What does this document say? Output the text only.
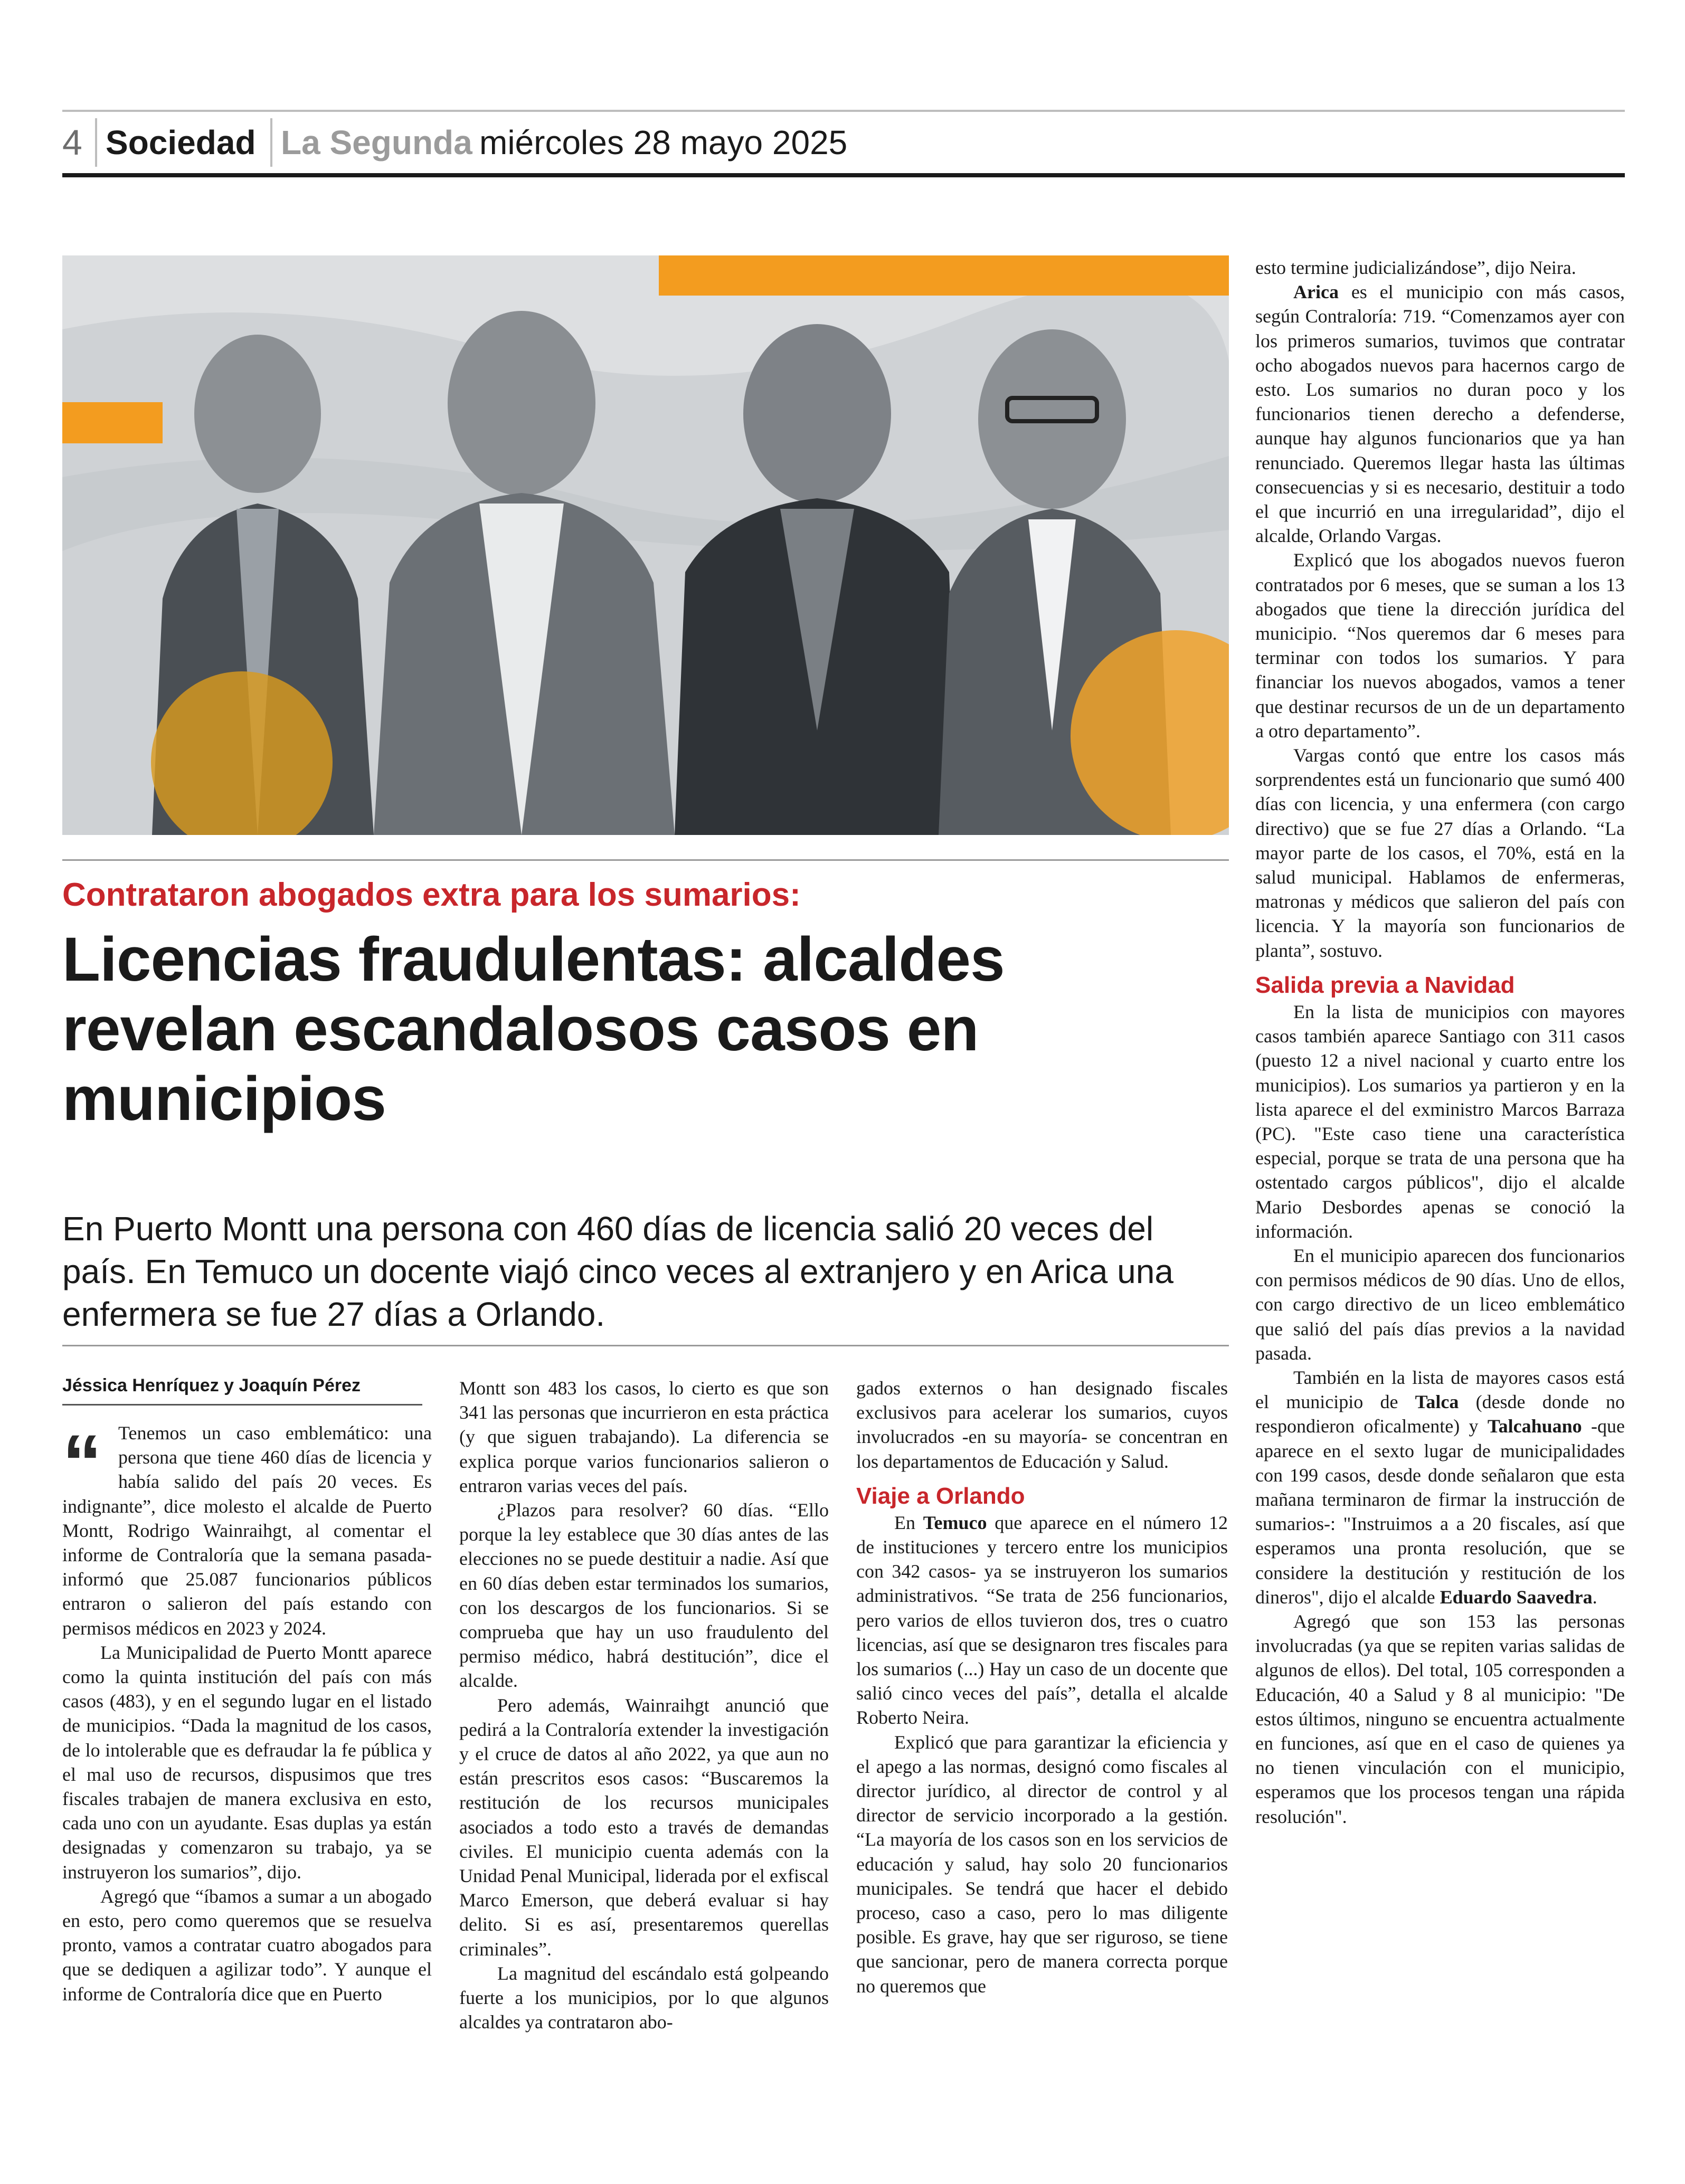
4 Sociedad La Segunda miércoles 28 mayo 2025
Contrataron abogados extra para los sumarios:
Licencias fraudulentas: alcaldes revelan escandalosos casos en municipios
En Puerto Montt una persona con 460 días de licencia salió 20 veces del país. En Temuco un docente viajó cinco veces al extranjero y en Arica una enfermera se fue 27 días a Orlando.
Jéssica Henríquez y Joaquín Pérez

“ Tenemos un caso emblemático: una persona que tiene 460 días de licencia y había salido del país 20 veces. Es indignante”, dice molesto el alcalde de Puerto Montt, Rodrigo Wainraihgt, al comentar el informe de Contraloría que la semana pasada- informó que 25.087 funcionarios públicos entraron o salieron del país estando con permisos médicos en 2023 y 2024.

La Municipalidad de Puerto Montt aparece como la quinta institución del país con más casos (483), y en el segundo lugar en el listado de municipios. “Dada la magnitud de los casos, de lo intolerable que es defraudar la fe pública y el mal uso de recursos, dispusimos que tres fiscales trabajen de manera exclusiva en esto, cada uno con un ayudante. Esas duplas ya están designadas y comenzaron su trabajo, ya se instruyeron los sumarios”, dijo.

Agregó que “íbamos a sumar a un abogado en esto, pero como queremos que se resuelva pronto, vamos a contratar cuatro abogados para que se dediquen a agilizar todo”. Y aunque el informe de Contraloría dice que en Puerto

Montt son 483 los casos, lo cierto es que son 341 las personas que incurrieron en esta práctica (y que siguen trabajando). La diferencia se explica porque varios funcionarios salieron o entraron varias veces del país.

¿Plazos para resolver? 60 días. “Ello porque la ley establece que 30 días antes de las elecciones no se puede destituir a nadie. Así que en 60 días deben estar terminados los sumarios, con los descargos de los funcionarios. Si se comprueba que hay un uso fraudulento del permiso médico, habrá destitución”, dice el alcalde.

Pero además, Wainraihgt anunció que pedirá a la Contraloría extender la investigación y el cruce de datos al año 2022, ya que aun no están prescritos esos casos: “Buscaremos la restitución de los recursos municipales asociados a todo esto a través de demandas civiles. El municipio cuenta además con la Unidad Penal Municipal, liderada por el exfiscal Marco Emerson, que deberá evaluar si hay delito. Si es así, presentaremos querellas criminales”.

La magnitud del escándalo está golpeando fuerte a los municipios, por lo que algunos alcaldes ya contrataron abo-

gados externos o han designado fiscales exclusivos para acelerar los sumarios, cuyos involucrados -en su mayoría- se concentran en los departamentos de Educación y Salud.

Viaje a Orlando

En Temuco que aparece en el número 12 de instituciones y tercero entre los municipios con 342 casos- ya se instruyeron los sumarios administrativos. “Se trata de 256 funcionarios, pero varios de ellos tuvieron dos, tres o cuatro licencias, así que se designaron tres fiscales para los sumarios (...) Hay un caso de un docente que salió cinco veces del país”, detalla el alcalde Roberto Neira.

Explicó que para garantizar la eficiencia y el apego a las normas, designó como fiscales al director jurídico, al director de control y al director de servicio incorporado a la gestión. “La mayoría de los casos son en los servicios de educación y salud, hay solo 20 funcionarios municipales. Se tendrá que hacer el debido proceso, caso a caso, pero lo mas diligente posible. Es grave, hay que ser riguroso, se tiene que sancionar, pero de manera correcta porque no queremos que

esto termine judicializándose”, dijo Neira.

Arica es el municipio con más casos, según Contraloría: 719. “Comenzamos ayer con los primeros sumarios, tuvimos que contratar ocho abogados nuevos para hacernos cargo de esto. Los sumarios no duran poco y los funcionarios tienen derecho a defenderse, aunque hay algunos funcionarios que ya han renunciado. Queremos llegar hasta las últimas consecuencias y si es necesario, destituir a todo el que incurrió en una irregularidad”, dijo el alcalde, Orlando Vargas.

Explicó que los abogados nuevos fueron contratados por 6 meses, que se suman a los 13 abogados que tiene la dirección jurídica del municipio. “Nos queremos dar 6 meses para terminar con todos los sumarios. Y para financiar los nuevos abogados, vamos a tener que destinar recursos de un de un departamento a otro departamento”.

Vargas contó que entre los casos más sorprendentes está un funcionario que sumó 400 días con licencia, y una enfermera (con cargo directivo) que se fue 27 días a Orlando. “La mayor parte de los casos, el 70%, está en la salud municipal. Hablamos de enfermeras, matronas y médicos que salieron del país con licencia. Y la mayoría son funcionarios de planta”, sostuvo.

Salida previa a Navidad

En la lista de municipios con mayores casos también aparece Santiago con 311 casos (puesto 12 a nivel nacional y cuarto entre los municipios). Los sumarios ya partieron y en la lista aparece el del exministro Marcos Barraza (PC). "Este caso tiene una característica especial, porque se trata de una persona que ha ostentado cargos públicos", dijo el alcalde Mario Desbordes apenas se conoció la información.

En el municipio aparecen dos funcionarios con permisos médicos de 90 días. Uno de ellos, con cargo directivo de un liceo emblemático que salió del país días previos a la navidad pasada.

También en la lista de mayores casos está el municipio de Talca (desde donde no respondieron oficalmente) y Talcahuano -que aparece en el sexto lugar de municipalidades con 199 casos, desde donde señalaron que esta mañana terminaron de firmar la instrucción de sumarios-: "Instruimos a a 20 fiscales, así que esperamos una pronta resolución, que se considere la destitución y restitución de los dineros", dijo el alcalde Eduardo Saavedra.

Agregó que son 153 las personas involucradas (ya que se repiten varias salidas de algunos de ellos). Del total, 105 corresponden a Educación, 40 a Salud y 8 al municipio: "De estos últimos, ninguno se encuentra actualmente en funciones, así que en el caso de quienes ya no tienen vinculación con el municipio, esperamos que los procesos tengan una rápida resolución".
